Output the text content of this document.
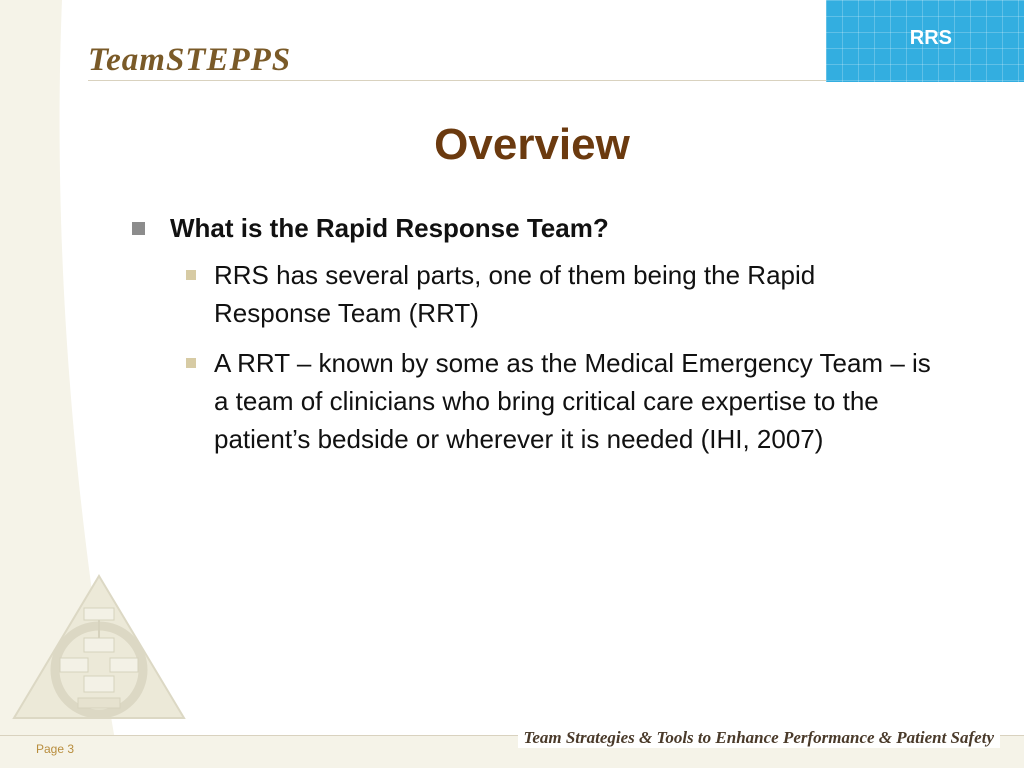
TeamSTEPPS
RRS
Overview
What is the Rapid Response Team?
RRS has several parts, one of them being the Rapid Response Team (RRT)
A RRT – known by some as the Medical Emergency Team – is a team of clinicians who bring critical care expertise to the patient’s bedside or wherever it is needed (IHI, 2007)
Page 3
Team Strategies & Tools to Enhance Performance & Patient Safety
